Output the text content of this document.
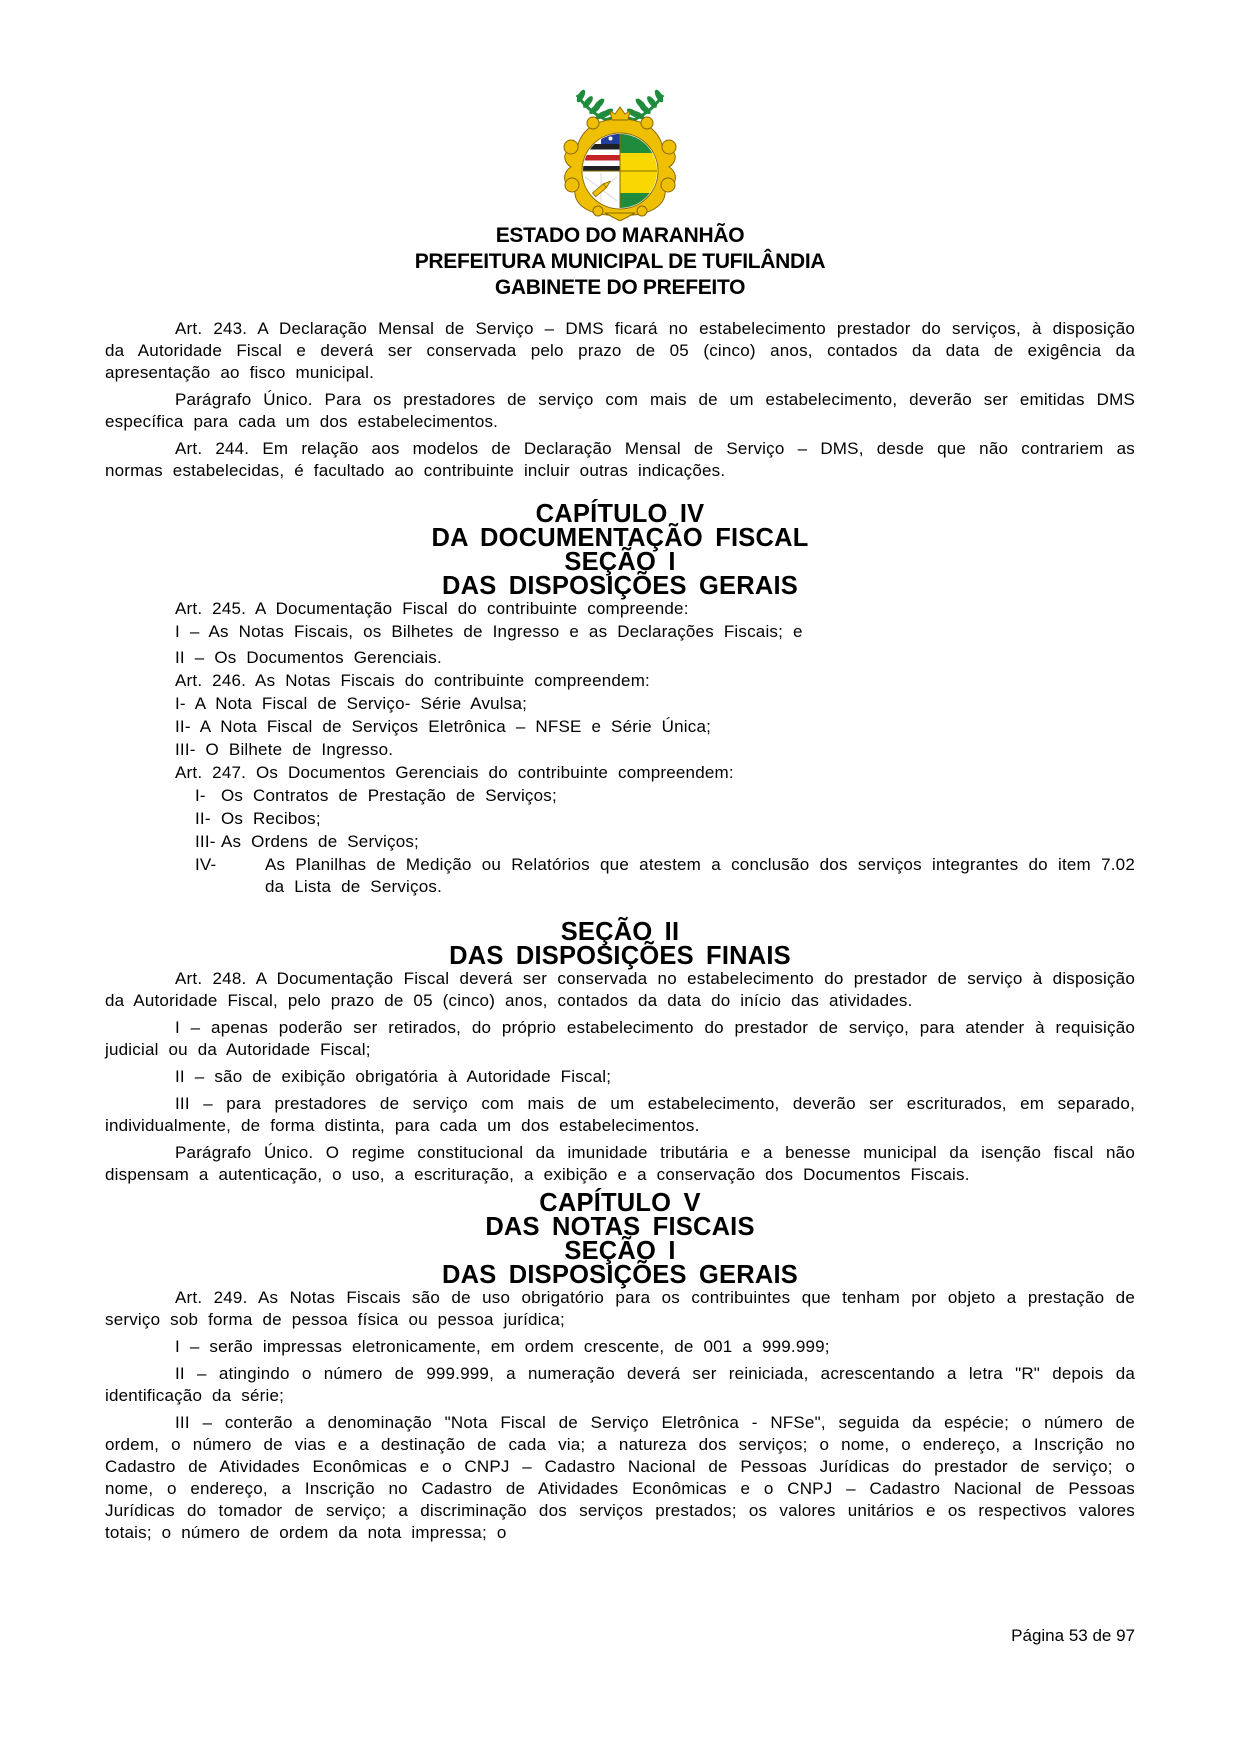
ESTADO DO MARANHÃO
PREFEITURA MUNICIPAL DE TUFILÂNDIA
GABINETE DO PREFEITO

Art. 243. A Declaração Mensal de Serviço – DMS ficará no estabelecimento prestador do serviços, à disposição da Autoridade Fiscal e deverá ser conservada pelo prazo de 05 (cinco) anos, contados da data de exigência da apresentação ao fisco municipal.

Parágrafo Único. Para os prestadores de serviço com mais de um estabelecimento, deverão ser emitidas DMS específica para cada um dos estabelecimentos.

Art. 244. Em relação aos modelos de Declaração Mensal de Serviço – DMS, desde que não contrariem as normas estabelecidas, é facultado ao contribuinte incluir outras indicações.

CAPÍTULO IV
DA DOCUMENTAÇÃO FISCAL
SEÇÃO I
DAS DISPOSIÇÕES GERAIS
Art. 245. A Documentação Fiscal do contribuinte compreende:
I – As Notas Fiscais, os Bilhetes de Ingresso e as Declarações Fiscais; e
II – Os Documentos Gerenciais.
Art. 246. As Notas Fiscais do contribuinte compreendem:
I- A Nota Fiscal de Serviço- Série Avulsa;
II- A Nota Fiscal de Serviços Eletrônica – NFSE e Série Única;
III- O Bilhete de Ingresso.
Art. 247. Os Documentos Gerenciais do contribuinte compreendem:
I- Os Contratos de Prestação de Serviços;
II- Os Recibos;
III- As Ordens de Serviços;
IV-	As Planilhas de Medição ou Relatórios que atestem a conclusão dos serviços integrantes do item 7.02 da Lista de Serviços.
SEÇÃO II
DAS DISPOSIÇÕES FINAIS

Art. 248. A Documentação Fiscal deverá ser conservada no estabelecimento do prestador de serviço à disposição da Autoridade Fiscal, pelo prazo de 05 (cinco) anos, contados da data do início das atividades.

I – apenas poderão ser retirados, do próprio estabelecimento do prestador de serviço, para atender à requisição judicial ou da Autoridade Fiscal;

II – são de exibição obrigatória à Autoridade Fiscal;

III – para prestadores de serviço com mais de um estabelecimento, deverão ser escriturados, em separado, individualmente, de forma distinta, para cada um dos estabelecimentos.

Parágrafo Único. O regime constitucional da imunidade tributária e a benesse municipal da isenção fiscal não dispensam a autenticação, o uso, a escrituração, a exibição e a conservação dos Documentos Fiscais.

CAPÍTULO V
DAS NOTAS FISCAIS
SEÇÃO I
DAS DISPOSIÇÕES GERAIS

Art. 249. As Notas Fiscais são de uso obrigatório para os contribuintes que tenham por objeto a prestação de serviço sob forma de pessoa física ou pessoa jurídica;

I – serão impressas eletronicamente, em ordem crescente, de 001 a 999.999;

II – atingindo o número de 999.999, a numeração deverá ser reiniciada, acrescentando a letra "R" depois da identificação da série;

III – conterão a denominação "Nota Fiscal de Serviço Eletrônica - NFSe", seguida da espécie; o número de ordem, o número de vias e a destinação de cada via; a natureza dos serviços; o nome, o endereço, a Inscrição no Cadastro de Atividades Econômicas e o CNPJ – Cadastro Nacional de Pessoas Jurídicas do prestador de serviço; o nome, o endereço, a Inscrição no Cadastro de Atividades Econômicas e o CNPJ – Cadastro Nacional de Pessoas Jurídicas do tomador de serviço; a discriminação dos serviços prestados; os valores unitários e os respectivos valores totais; o número de ordem da nota impressa; o

Página 53 de 97
